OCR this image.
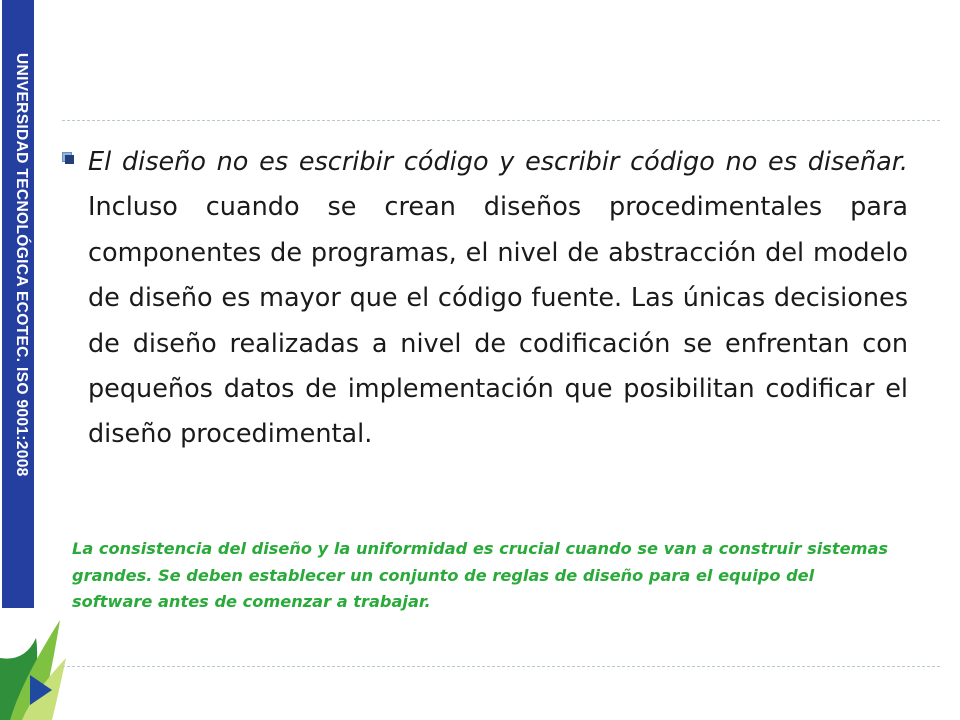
UNIVERSIDAD TECNOLÓGICA ECOTEC. ISO 9001:2008 El diseño no es escribir código y escribir código no es diseñar. Incluso cuando se crean diseños procedimentales para componentes de programas, el nivel de abstracción del modelo de diseño es mayor que el código fuente. Las únicas decisiones de diseño realizadas a nivel de codificación se enfrentan con pequeños datos de implementación que posibilitan codificar el diseño procedimental.
La consistencia del diseño y la uniformidad es crucial cuando se van a construir sistemas grandes. Se deben establecer un conjunto de reglas de diseño para el equipo del software antes de comenzar a trabajar.
